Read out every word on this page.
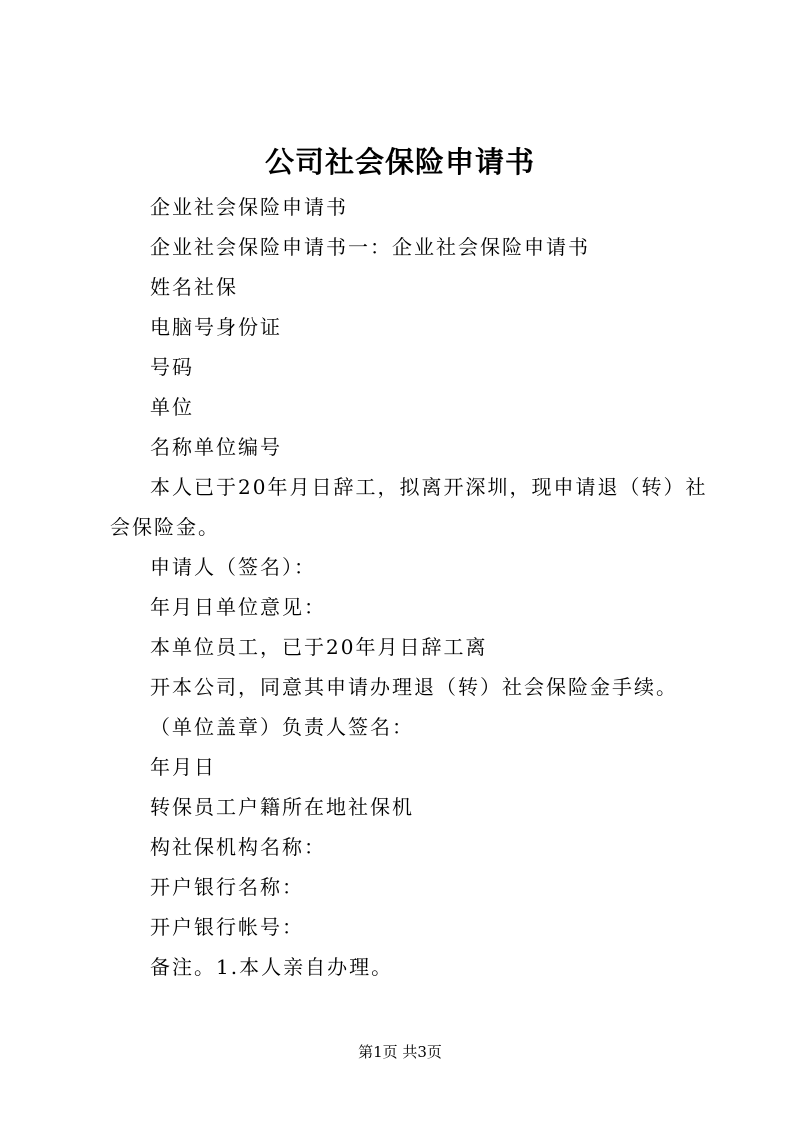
公司社会保险申请书
企业社会保险申请书
企业社会保险申请书一：企业社会保险申请书
姓名社保
电脑号身份证
号码
单位
名称单位编号
本人已于20年月日辞工，拟离开深圳，现申请退（转）社
会保险金。
申请人（签名）：
年月日单位意见：
本单位员工，已于20年月日辞工离
开本公司，同意其申请办理退（转）社会保险金手续。
（单位盖章）负责人签名：
年月日
转保员工户籍所在地社保机
构社保机构名称：
开户银行名称：
开户银行帐号：
备注。1.本人亲自办理。
第1页 共3页
